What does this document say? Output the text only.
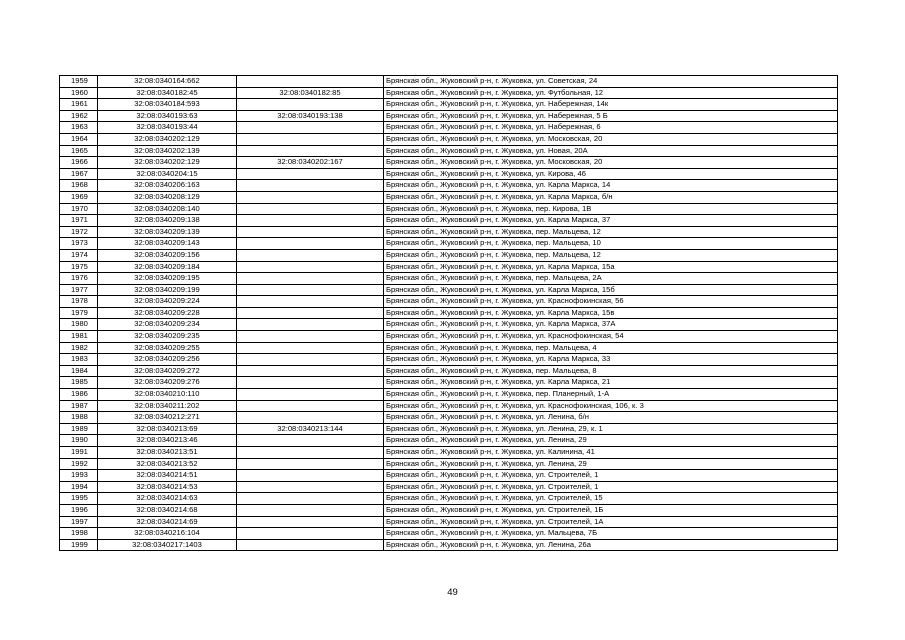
1959	32:08:0340164:662		Брянская обл., Жуковский р-н, г. Жуковка, ул. Советская, 24
1960	32:08:0340182:45	32:08:0340182:85	Брянская обл., Жуковский р-н, г. Жуковка, ул. Футбольная, 12
1961	32:08:0340184:593		Брянская обл., Жуковский р-н, г. Жуковка, ул. Набережная, 14к
1962	32:08:0340193:63	32:08:0340193:138	Брянская обл., Жуковский р-н, г. Жуковка, ул. Набережная, 5 Б
1963	32:08:0340193:44		Брянская обл., Жуковский р-н, г. Жуковка, ул. Набережная, 6
1964	32:08:0340202:129		Брянская обл., Жуковский р-н, г. Жуковка, ул. Московская, 20
1965	32:08:0340202:139		Брянская обл., Жуковский р-н, г. Жуковка, ул. Новая, 20А
1966	32:08:0340202:129	32:08:0340202:167	Брянская обл., Жуковский р-н, г. Жуковка, ул. Московская, 20
1967	32:08:0340204:15		Брянская обл., Жуковский р-н, г. Жуковка, ул. Кирова, 46
1968	32:08:0340206:163		Брянская обл., Жуковский р-н, г. Жуковка, ул. Карла Маркса, 14
1969	32:08:0340208:129		Брянская обл., Жуковский р-н, г. Жуковка, ул. Карла Маркса, б/н
1970	32:08:0340208:140		Брянская обл., Жуковский р-н, г. Жуковка, пер. Кирова, 1В
1971	32:08:0340209:138		Брянская обл., Жуковский р-н, г. Жуковка, ул. Карла Маркса, 37
1972	32:08:0340209:139		Брянская обл., Жуковский р-н, г. Жуковка, пер. Мальцева, 12
1973	32:08:0340209:143		Брянская обл., Жуковский р-н, г. Жуковка, пер. Мальцева, 10
1974	32:08:0340209:156		Брянская обл., Жуковский р-н, г. Жуковка, пер. Мальцева, 12
1975	32:08:0340209:184		Брянская обл., Жуковский р-н, г. Жуковка, ул. Карла Маркса, 15а
1976	32:08:0340209:195		Брянская обл., Жуковский р-н, г. Жуковка, пер. Мальцева, 2А
1977	32:08:0340209:199		Брянская обл., Жуковский р-н, г. Жуковка, ул. Карла Маркса, 15б
1978	32:08:0340209:224		Брянская обл., Жуковский р-н, г. Жуковка, ул. Краснофокинская, 56
1979	32:08:0340209:228		Брянская обл., Жуковский р-н, г. Жуковка, ул. Карла Маркса, 15в
1980	32:08:0340209:234		Брянская обл., Жуковский р-н, г. Жуковка, ул. Карла Маркса, 37А
1981	32:08:0340209:235		Брянская обл., Жуковский р-н, г. Жуковка, ул. Краснофокинская, 54
1982	32:08:0340209:255		Брянская обл., Жуковский р-н, г. Жуковка, пер. Мальцева, 4
1983	32:08:0340209:256		Брянская обл., Жуковский р-н, г. Жуковка, ул. Карла Маркса, 33
1984	32:08:0340209:272		Брянская обл., Жуковский р-н, г. Жуковка, пер. Мальцева, 8
1985	32:08:0340209:276		Брянская обл., Жуковский р-н, г. Жуковка, ул. Карла Маркса, 21
1986	32:08:0340210:110		Брянская обл., Жуковский р-н, г. Жуковка, пер. Планерный, 1-А
1987	32:08:0340211:202		Брянская обл., Жуковский р-н, г. Жуковка, ул. Краснофокинская, 106, к. 3
1988	32:08:0340212:271		Брянская обл., Жуковский р-н, г. Жуковка, ул. Ленина, б/н
1989	32:08:0340213:69	32:08:0340213:144	Брянская обл., Жуковский р-н, г. Жуковка, ул. Ленина, 29, к. 1
1990	32:08:0340213:46		Брянская обл., Жуковский р-н, г. Жуковка, ул. Ленина, 29
1991	32:08:0340213:51		Брянская обл., Жуковский р-н, г. Жуковка, ул. Калинина, 41
1992	32:08:0340213:52		Брянская обл., Жуковский р-н, г. Жуковка, ул. Ленина, 29
1993	32:08:0340214:51		Брянская обл., Жуковский р-н, г. Жуковка, ул. Строителей, 1
1994	32:08:0340214:53		Брянская обл., Жуковский р-н, г. Жуковка, ул. Строителей, 1
1995	32:08:0340214:63		Брянская обл., Жуковский р-н, г. Жуковка, ул. Строителей, 15
1996	32:08:0340214:68		Брянская обл., Жуковский р-н, г. Жуковка, ул. Строителей, 1Б
1997	32:08:0340214:69		Брянская обл., Жуковский р-н, г. Жуковка, ул. Строителей, 1А
1998	32:08:0340216:104		Брянская обл., Жуковский р-н, г. Жуковка, ул. Мальцева, 7Б
1999	32:08:0340217:1403		Брянская обл., Жуковский р-н, г. Жуковка, ул. Ленина, 26а
49
